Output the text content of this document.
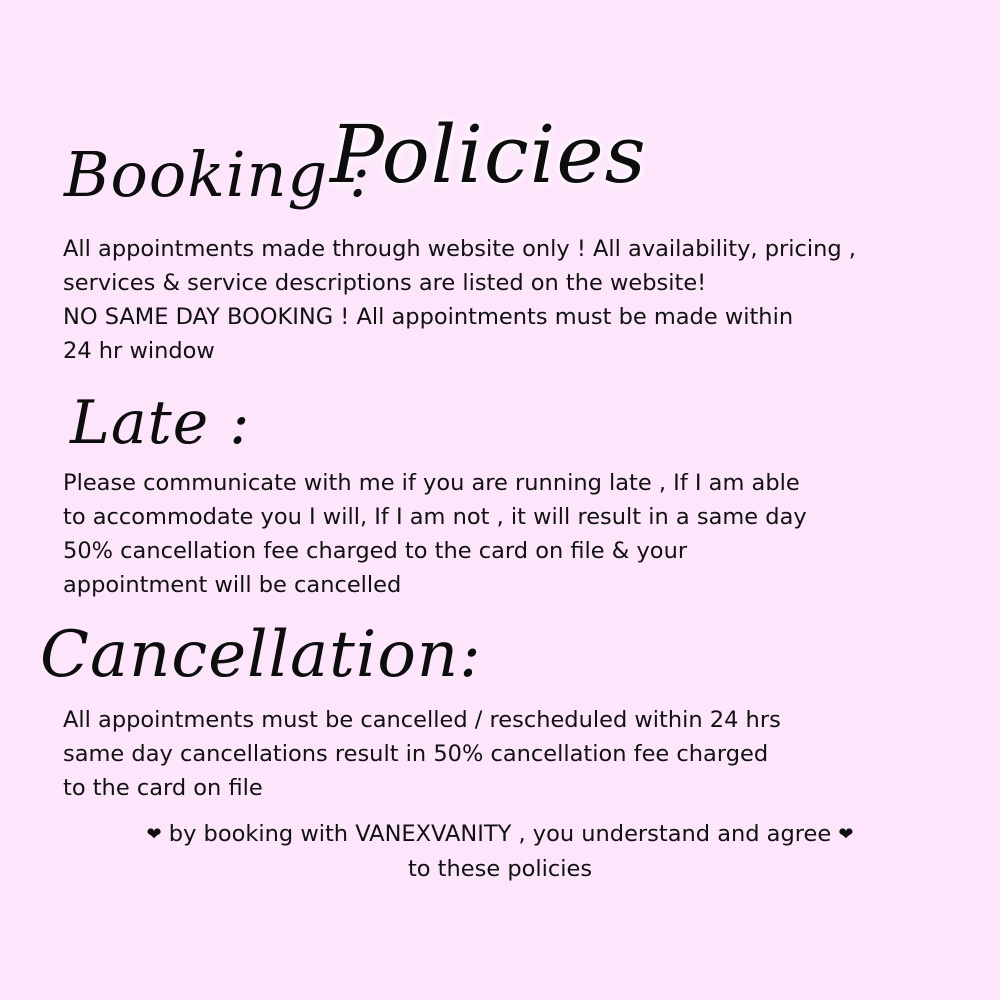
Booking :
Policies

All appointments made through website only ! All availability, pricing ,
services & service descriptions are listed on the website!
NO SAME DAY BOOKING ! All appointments must be made within
24 hr window

Late :

Please communicate with me if you are running late , If I am able
to accommodate you I will, If I am not , it will result in a same day
50% cancellation fee charged to the card on file & your
appointment will be cancelled

Cancellation:

All appointments must be cancelled / rescheduled within 24 hrs
same day cancellations result in 50% cancellation fee charged
to the card on file

❤ by booking with VANEXVANITY , you understand and agree ❤
to these policies
